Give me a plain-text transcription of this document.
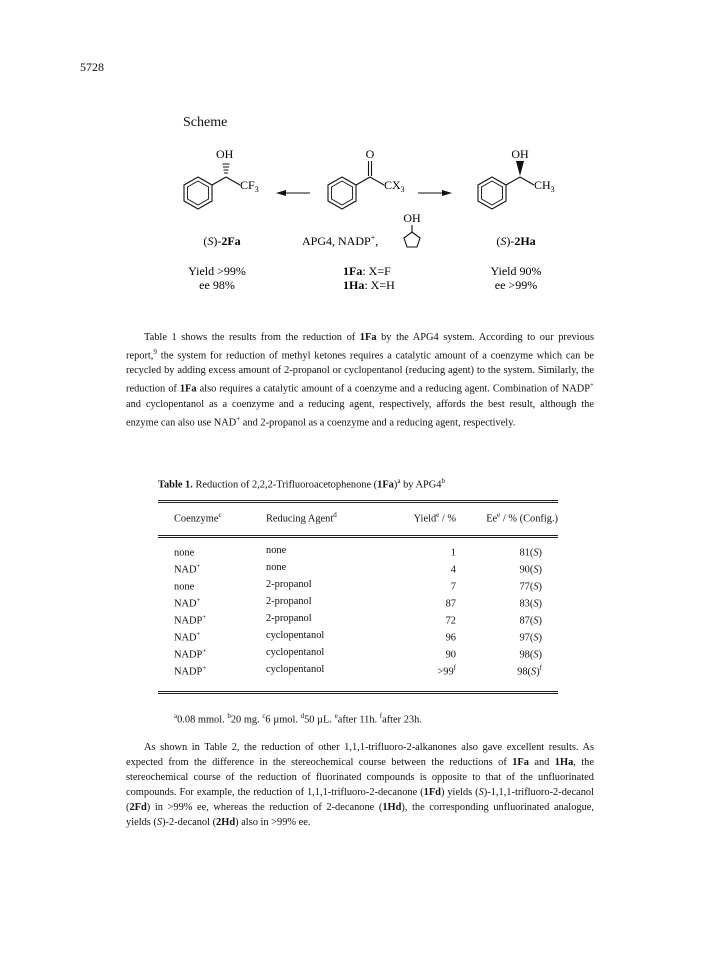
5728
Scheme
OH
$CF_3$
(S)-2Fa
Yield >99%
ee 98%
O
$CX_3$
OH
APG4, NADP+,
1Fa: X=F
1Ha: X=H
OH
$CH_3$
(S)-2Ha
Yield 90%
ee >99%

Table 1 shows the results from the reduction of 1Fa by the APG4 system. According to our previous report,$^9$ the system for reduction of methyl ketones requires a catalytic amount of a coenzyme which can be recycled by adding excess amount of 2-propanol or cyclopentanol (reducing agent) to the system. Similarly, the reduction of 1Fa also requires a catalytic amount of a coenzyme and a reducing agent. Combination of NADP+ and cyclopentanol as a coenzyme and a reducing agent, respectively, affords the best result, although the enzyme can also use NAD+ and 2-propanol as a coenzyme and a reducing agent, respectively.

Table 1. Reduction of 2,2,2-Trifluoroacetophenone $(1Fa)^a$ by APG4$^b$
Coenzyme$^c$	Reducing Agent$^d$	Yield$^e$ / %	Ee$^e$ / % (Config.)
none	none	1	81(S)
NAD+	none	4	90(S)
none	2-propanol	7	77(S)
NAD+	2-propanol	87	83(S)
NADP+	2-propanol	72	87(S)
NAD+	cyclopentanol	96	97(S)
NADP+	cyclopentanol	90	98(S)
NADP+	cyclopentanol	$>99^f$	$98(S)^f$
$^a$0.08 mmol. $^b$20 mg. $^c$6 µmol. $^d$50 µL. $^e$after 11h. $^f$after 23h.

As shown in Table 2, the reduction of other 1,1,1-trifluoro-2-alkanones also gave excellent results. As expected from the difference in the stereochemical course between the reductions of 1Fa and 1Ha, the stereochemical course of the reduction of fluorinated compounds is opposite to that of the unfluorinated compounds. For example, the reduction of 1,1,1-trifluoro-2-decanone (1Fd) yields (S)-1,1,1-trifluoro-2-decanol (2Fd) in >99% ee, whereas the reduction of 2-decanone (1Hd), the corresponding unfluorinated analogue, yields (S)-2-decanol (2Hd) also in >99% ee.
